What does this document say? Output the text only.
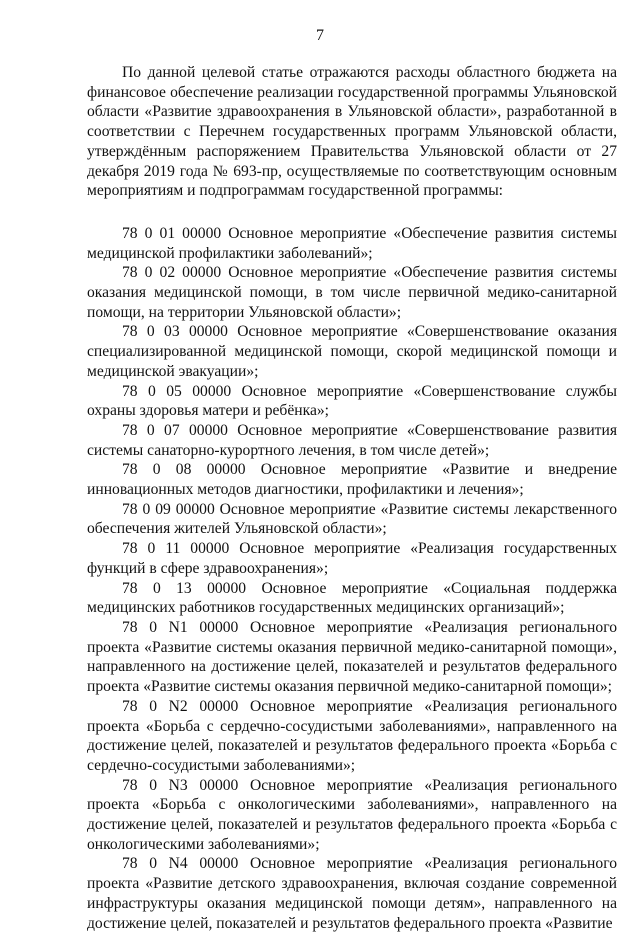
7

По данной целевой статье отражаются расходы областного бюджета на финансовое обеспечение реализации государственной программы Ульяновской области «Развитие здравоохранения в Ульяновской области», разработанной в соответствии с Перечнем государственных программ Ульяновской области, утверждённым распоряжением Правительства Ульяновской области от 27 декабря 2019 года № 693-пр, осуществляемые по соответствующим основным мероприятиям и подпрограммам государственной программы:

78 0 01 00000 Основное мероприятие «Обеспечение развития системы медицинской профилактики заболеваний»;

78 0 02 00000 Основное мероприятие «Обеспечение развития системы оказания медицинской помощи, в том числе первичной медико-санитарной помощи, на территории Ульяновской области»;

78 0 03 00000 Основное мероприятие «Совершенствование оказания специализированной медицинской помощи, скорой медицинской помощи и медицинской эвакуации»;

78 0 05 00000 Основное мероприятие «Совершенствование службы охраны здоровья матери и ребёнка»;

78 0 07 00000 Основное мероприятие «Совершенствование развития системы санаторно-курортного лечения, в том числе детей»;

78 0 08 00000 Основное мероприятие «Развитие и внедрение инновационных методов диагностики, профилактики и лечения»;

78 0 09 00000 Основное мероприятие «Развитие системы лекарственного обеспечения жителей Ульяновской области»;

78 0 11 00000 Основное мероприятие «Реализация государственных функций в сфере здравоохранения»;

78 0 13 00000 Основное мероприятие «Социальная поддержка медицинских работников государственных медицинских организаций»;

78 0 N1 00000 Основное мероприятие «Реализация регионального проекта «Развитие системы оказания первичной медико-санитарной помощи», направленного на достижение целей, показателей и результатов федерального проекта «Развитие системы оказания первичной медико-санитарной помощи»;

78 0 N2 00000 Основное мероприятие «Реализация регионального проекта «Борьба с сердечно-сосудистыми заболеваниями», направленного на достижение целей, показателей и результатов федерального проекта «Борьба с сердечно-сосудистыми заболеваниями»;

78 0 N3 00000 Основное мероприятие «Реализация регионального проекта «Борьба с онкологическими заболеваниями», направленного на достижение целей, показателей и результатов федерального проекта «Борьба с онкологическими заболеваниями»;

78 0 N4 00000 Основное мероприятие «Реализация регионального проекта «Развитие детского здравоохранения, включая создание современной инфраструктуры оказания медицинской помощи детям», направленного на достижение целей, показателей и результатов федерального проекта «Развитие
